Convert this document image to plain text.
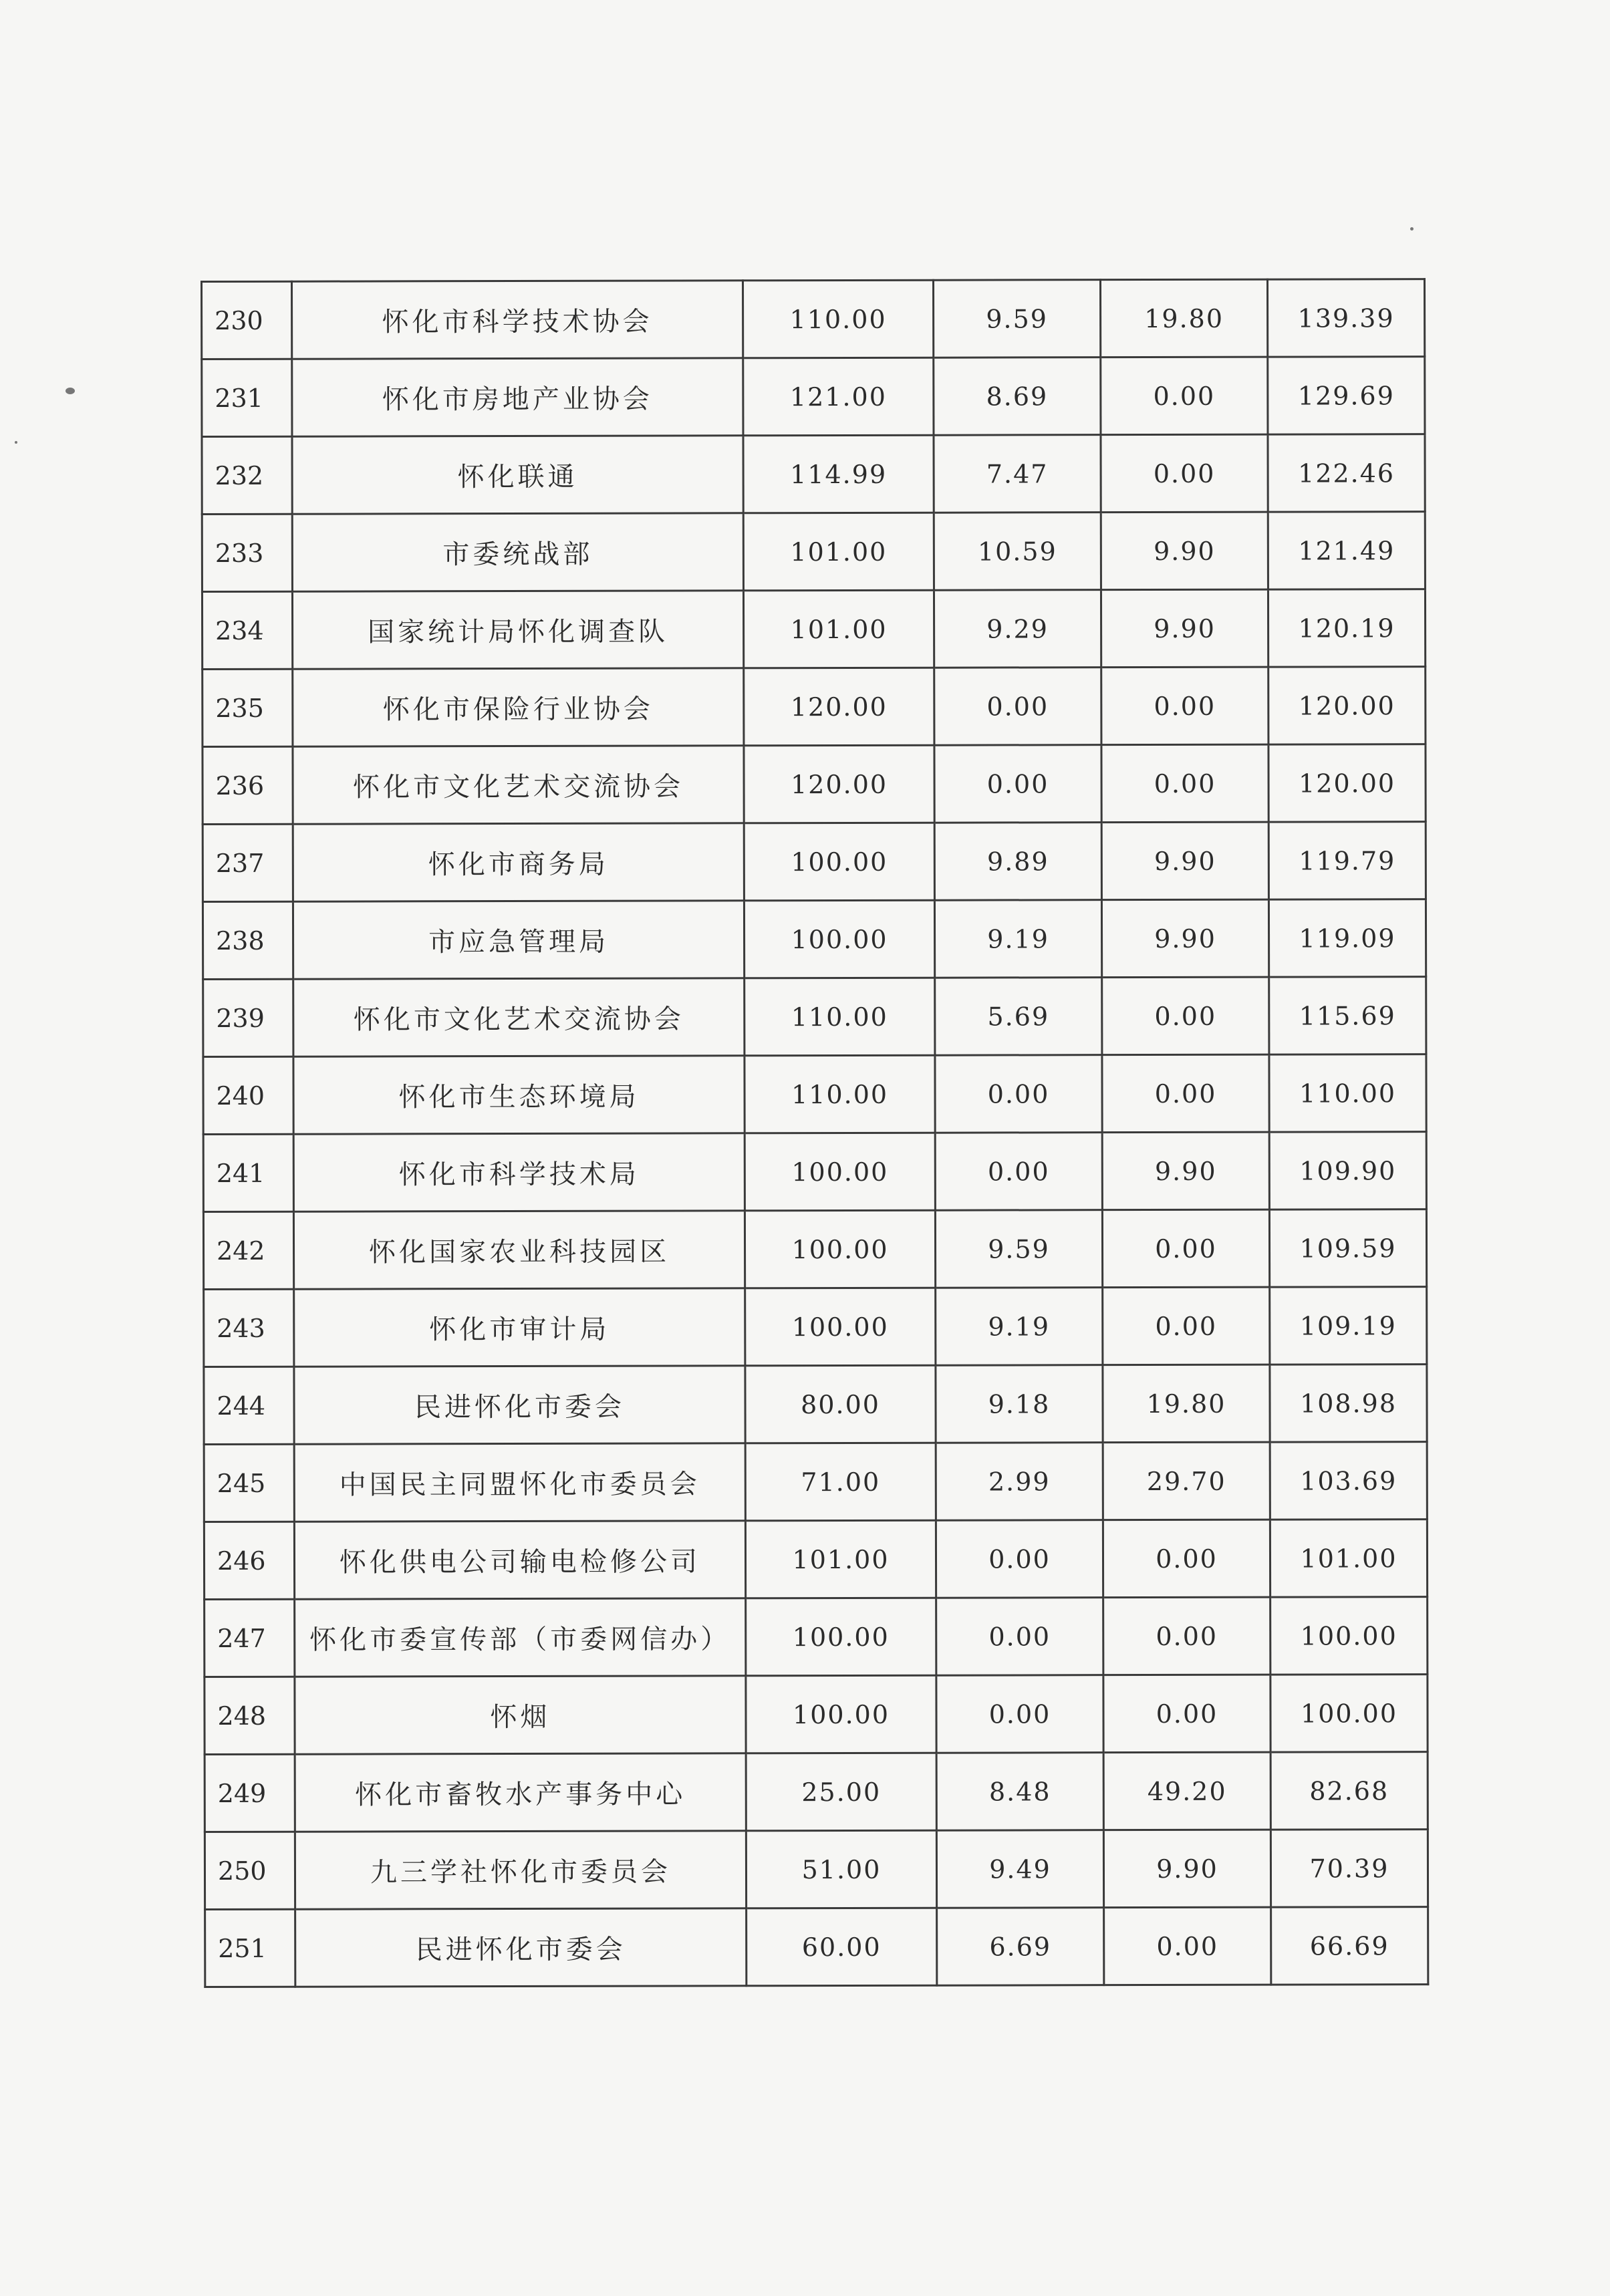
230	怀化市科学技术协会	110.00	9.59	19.80	139.39
231	怀化市房地产业协会	121.00	8.69	0.00	129.69
232	怀化联通	114.99	7.47	0.00	122.46
233	市委统战部	101.00	10.59	9.90	121.49
234	国家统计局怀化调查队	101.00	9.29	9.90	120.19
235	怀化市保险行业协会	120.00	0.00	0.00	120.00
236	怀化市文化艺术交流协会	120.00	0.00	0.00	120.00
237	怀化市商务局	100.00	9.89	9.90	119.79
238	市应急管理局	100.00	9.19	9.90	119.09
239	怀化市文化艺术交流协会	110.00	5.69	0.00	115.69
240	怀化市生态环境局	110.00	0.00	0.00	110.00
241	怀化市科学技术局	100.00	0.00	9.90	109.90
242	怀化国家农业科技园区	100.00	9.59	0.00	109.59
243	怀化市审计局	100.00	9.19	0.00	109.19
244	民进怀化市委会	80.00	9.18	19.80	108.98
245	中国民主同盟怀化市委员会	71.00	2.99	29.70	103.69
246	怀化供电公司输电检修公司	101.00	0.00	0.00	101.00
247	怀化市委宣传部（市委网信办）	100.00	0.00	0.00	100.00
248	怀烟	100.00	0.00	0.00	100.00
249	怀化市畜牧水产事务中心	25.00	8.48	49.20	82.68
250	九三学社怀化市委员会	51.00	9.49	9.90	70.39
251	民进怀化市委会	60.00	6.69	0.00	66.69
